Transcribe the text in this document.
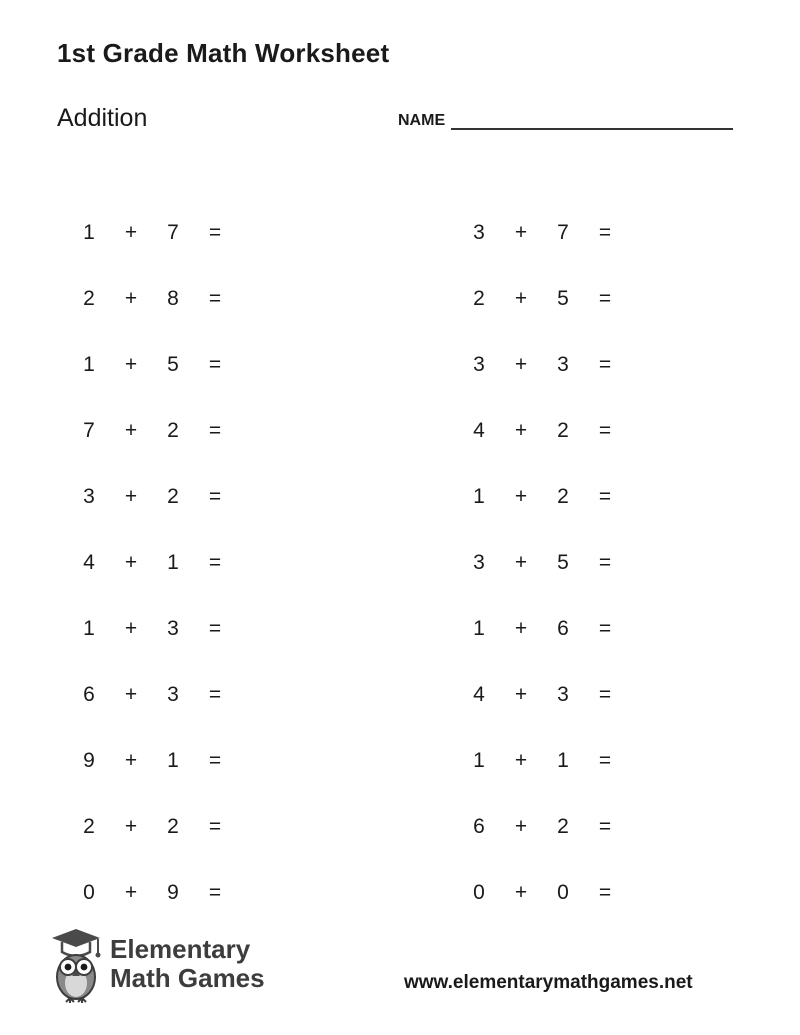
1st Grade Math Worksheet
Addition	NAME
1	+	7	=
2	+	8	=
1	+	5	=
7	+	2	=
3	+	2	=
4	+	1	=
1	+	3	=
6	+	3	=
9	+	1	=
2	+	2	=
0	+	9	=
3	+	7	=
2	+	5	=
3	+	3	=
4	+	2	=
1	+	2	=
3	+	5	=
1	+	6	=
4	+	3	=
1	+	1	=
6	+	2	=
0	+	0	=
Elementary
Math Games	www.elementarymathgames.net
